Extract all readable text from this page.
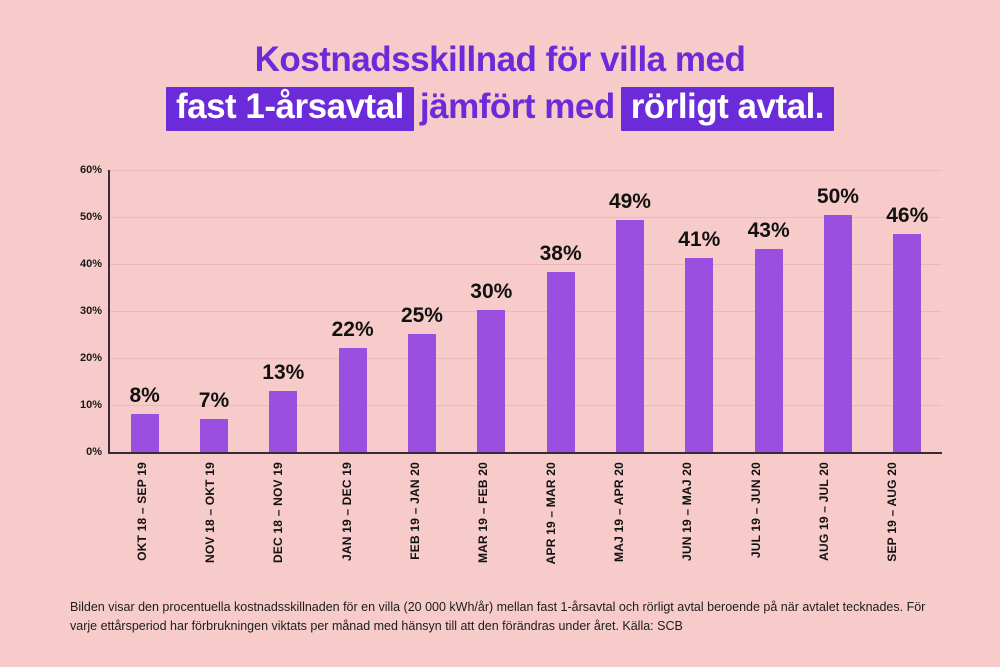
Kostnadsskillnad för villa med
fast 1-årsavtal jämfört med rörligt avtal.
60%
50%
40%
30%
20%
10%
0%
8% 7%
13%
22%
25%
30%
38%
49%
41% 43%
50%
46%
OKT 18 – SEP 19	NOV 18 – OKT 19	DEC 18 – NOV 19	JAN 19 – DEC 19	FEB 19 – JAN 20	MAR 19 – FEB 20	APR 19 – MAR 20	MAJ 19 – APR 20	JUN 19 – MAJ 20	JUL 19 – JUN 20	AUG 19 – JUL 20	SEP 19 – AUG 20
Bilden visar den procentuella kostnadsskillnaden för en villa (20 000 kWh/år) mellan fast 1-årsavtal och rörligt avtal beroende på när avtalet tecknades. För varje ettårsperiod har förbrukningen viktats per månad med hänsyn till att den förändras under året. Källa: SCB
